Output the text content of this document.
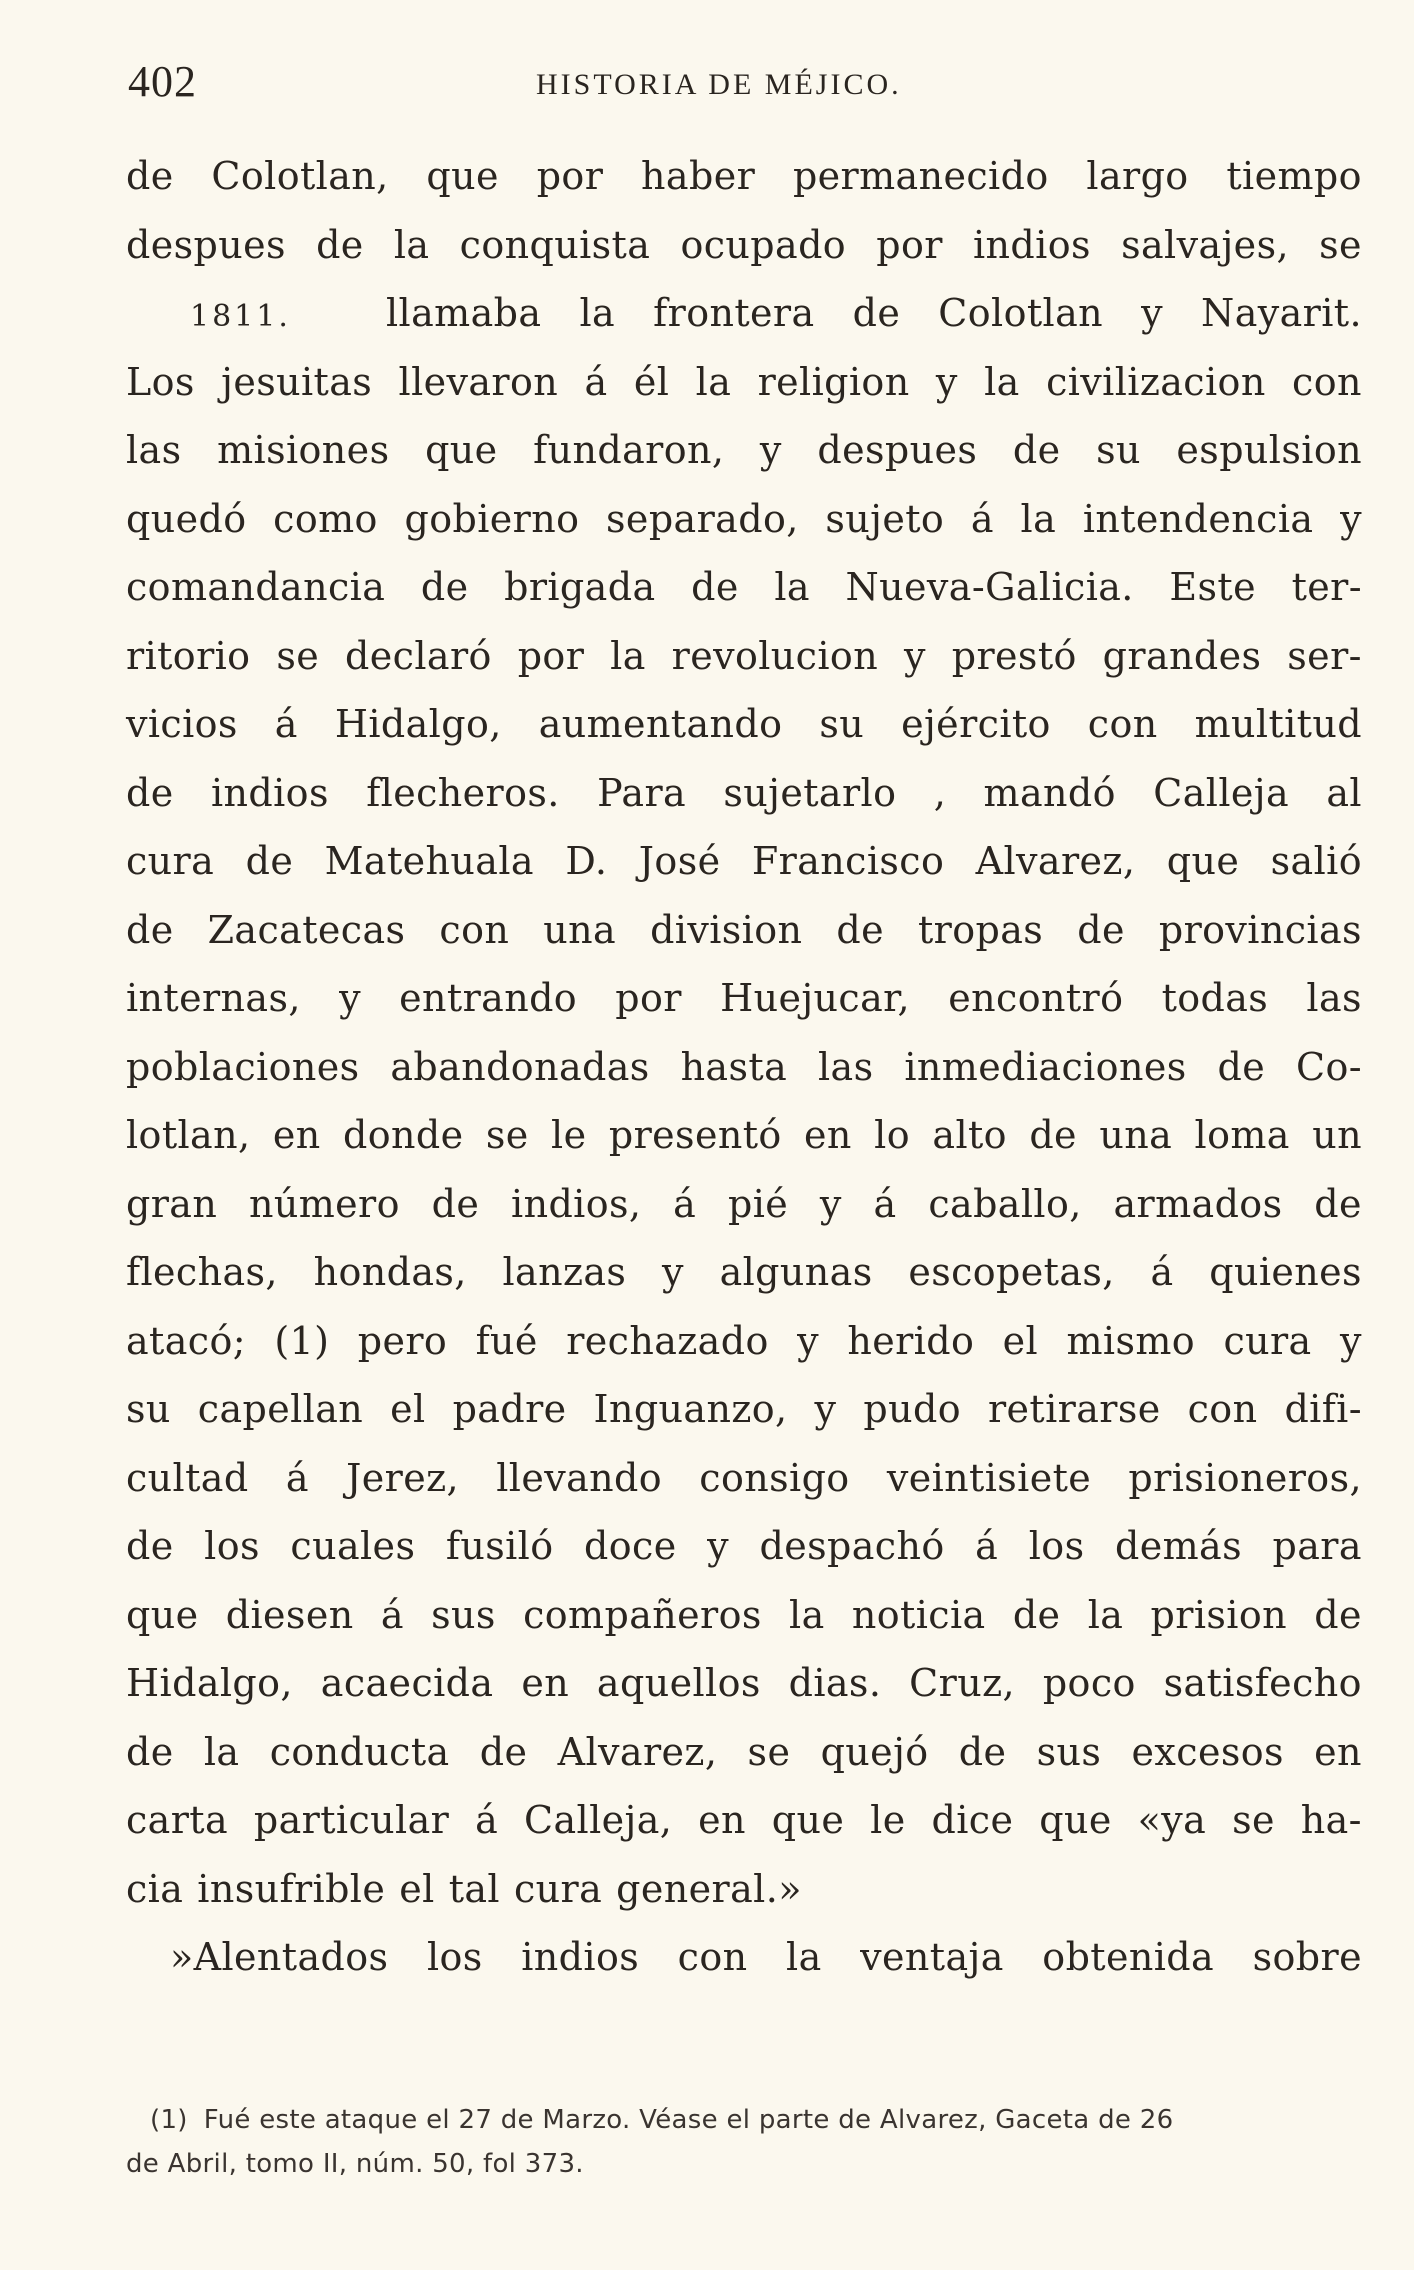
402	HISTORIA DE MÉJICO.
de Colotlan, que por haber permanecido largo tiempo
despues de la conquista ocupado por indios salvajes, se
1811.	llamaba la frontera de Colotlan y Nayarit.
Los jesuitas llevaron á él la religion y la civilizacion con
las misiones que fundaron, y despues de su espulsion
quedó como gobierno separado, sujeto á la intendencia y
comandancia de brigada de la Nueva-Galicia. Este ter-
ritorio se declaró por la revolucion y prestó grandes ser-
vicios á Hidalgo, aumentando su ejército con multitud
de indios flecheros. Para sujetarlo , mandó Calleja al
cura de Matehuala D. José Francisco Alvarez, que salió
de Zacatecas con una division de tropas de provincias
internas, y entrando por Huejucar, encontró todas las
poblaciones abandonadas hasta las inmediaciones de Co-
lotlan, en donde se le presentó en lo alto de una loma un
gran número de indios, á pié y á caballo, armados de
flechas, hondas, lanzas y algunas escopetas, á quienes
atacó; (1) pero fué rechazado y herido el mismo cura y
su capellan el padre Inguanzo, y pudo retirarse con difi-
cultad á Jerez, llevando consigo veintisiete prisioneros,
de los cuales fusiló doce y despachó á los demás para
que diesen á sus compañeros la noticia de la prision de
Hidalgo, acaecida en aquellos dias. Cruz, poco satisfecho
de la conducta de Alvarez, se quejó de sus excesos en
carta particular á Calleja, en que le dice que «ya se ha-
cia insufrible el tal cura general.»
»Alentados los indios con la ventaja obtenida sobre
(1) Fué este ataque el 27 de Marzo. Véase el parte de Alvarez, Gaceta de 26
de Abril, tomo II, núm. 50, fol 373.
